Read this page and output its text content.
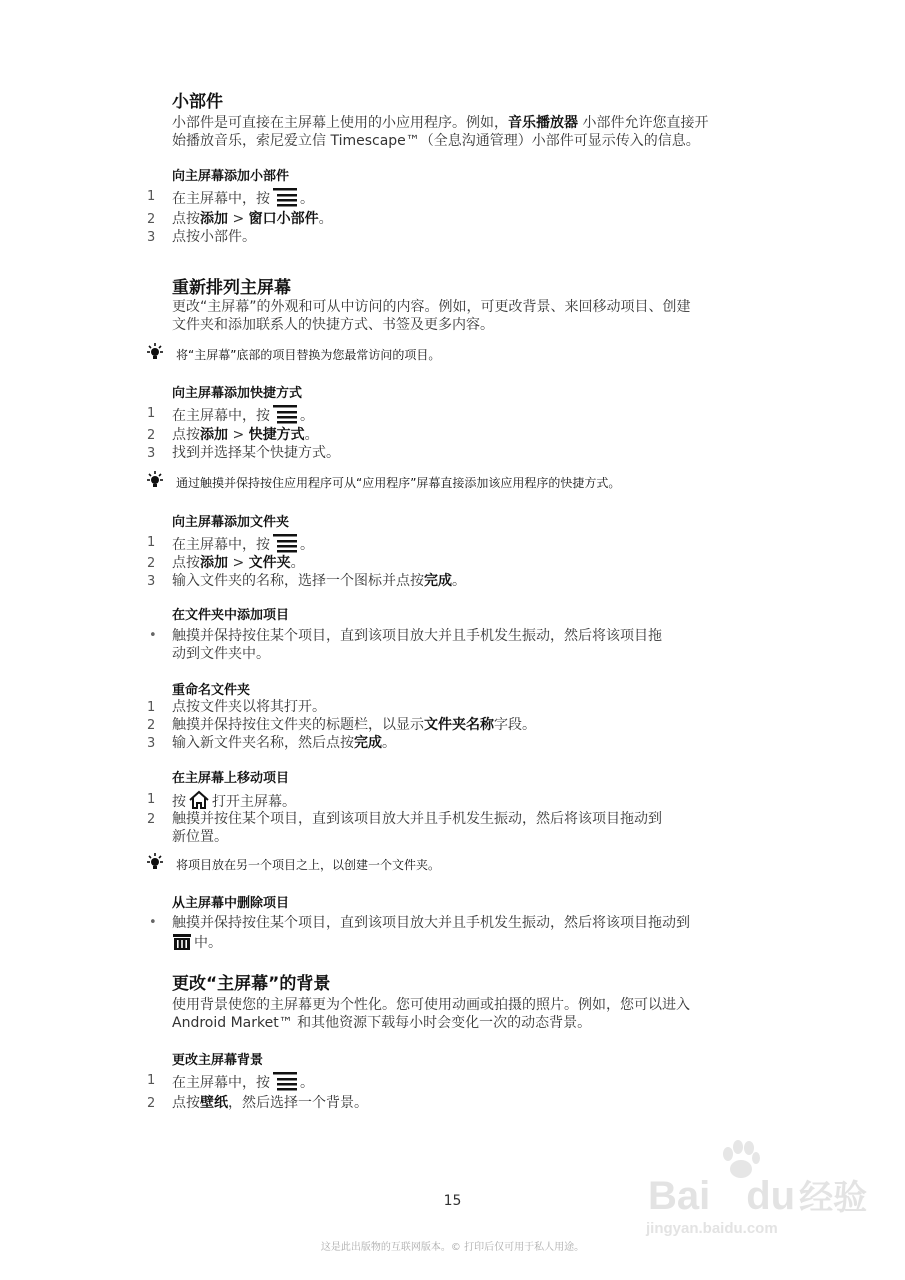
小部件
小部件是可直接在主屏幕上使用的小应用程序。例如，音乐播放器 小部件允许您直接开
始播放音乐，索尼爱立信 Timescape™（全息沟通管理）小部件可显示传入的信息。
向主屏幕添加小部件
1	在主屏幕中，按 。
2	点按添加 > 窗口小部件。
3	点按小部件。
重新排列主屏幕
更改“主屏幕”的外观和可从中访问的内容。例如，可更改背景、来回移动项目、创建
文件夹和添加联系人的快捷方式、书签及更多内容。
将“主屏幕”底部的项目替换为您最常访问的项目。
向主屏幕添加快捷方式
1	在主屏幕中，按 。
2	点按添加 > 快捷方式。
3	找到并选择某个快捷方式。
通过触摸并保持按住应用程序可从“应用程序”屏幕直接添加该应用程序的快捷方式。
向主屏幕添加文件夹
1	在主屏幕中，按 。
2	点按添加 > 文件夹。
3	输入文件夹的名称，选择一个图标并点按完成。
在文件夹中添加项目
• 触摸并保持按住某个项目，直到该项目放大并且手机发生振动，然后将该项目拖
动到文件夹中。
重命名文件夹
1	点按文件夹以将其打开。
2	触摸并保持按住文件夹的标题栏，以显示文件夹名称字段。
3	输入新文件夹名称，然后点按完成。
在主屏幕上移动项目
1	按 打开主屏幕。
2	触摸并按住某个项目，直到该项目放大并且手机发生振动，然后将该项目拖动到
新位置。
将项目放在另一个项目之上，以创建一个文件夹。
从主屏幕中删除项目
• 触摸并保持按住某个项目，直到该项目放大并且手机发生振动，然后将该项目拖动到
中。
更改“主屏幕”的背景
使用背景使您的主屏幕更为个性化。您可使用动画或拍摄的照片。例如，您可以进入
Android Market™ 和其他资源下载每小时会变化一次的动态背景。
更改主屏幕背景
1	在主屏幕中，按 。
2	点按壁纸，然后选择一个背景。
15	Bai du 经验
jingyan.baidu.com
这是此出版物的互联网版本。© 打印后仅可用于私人用途。
